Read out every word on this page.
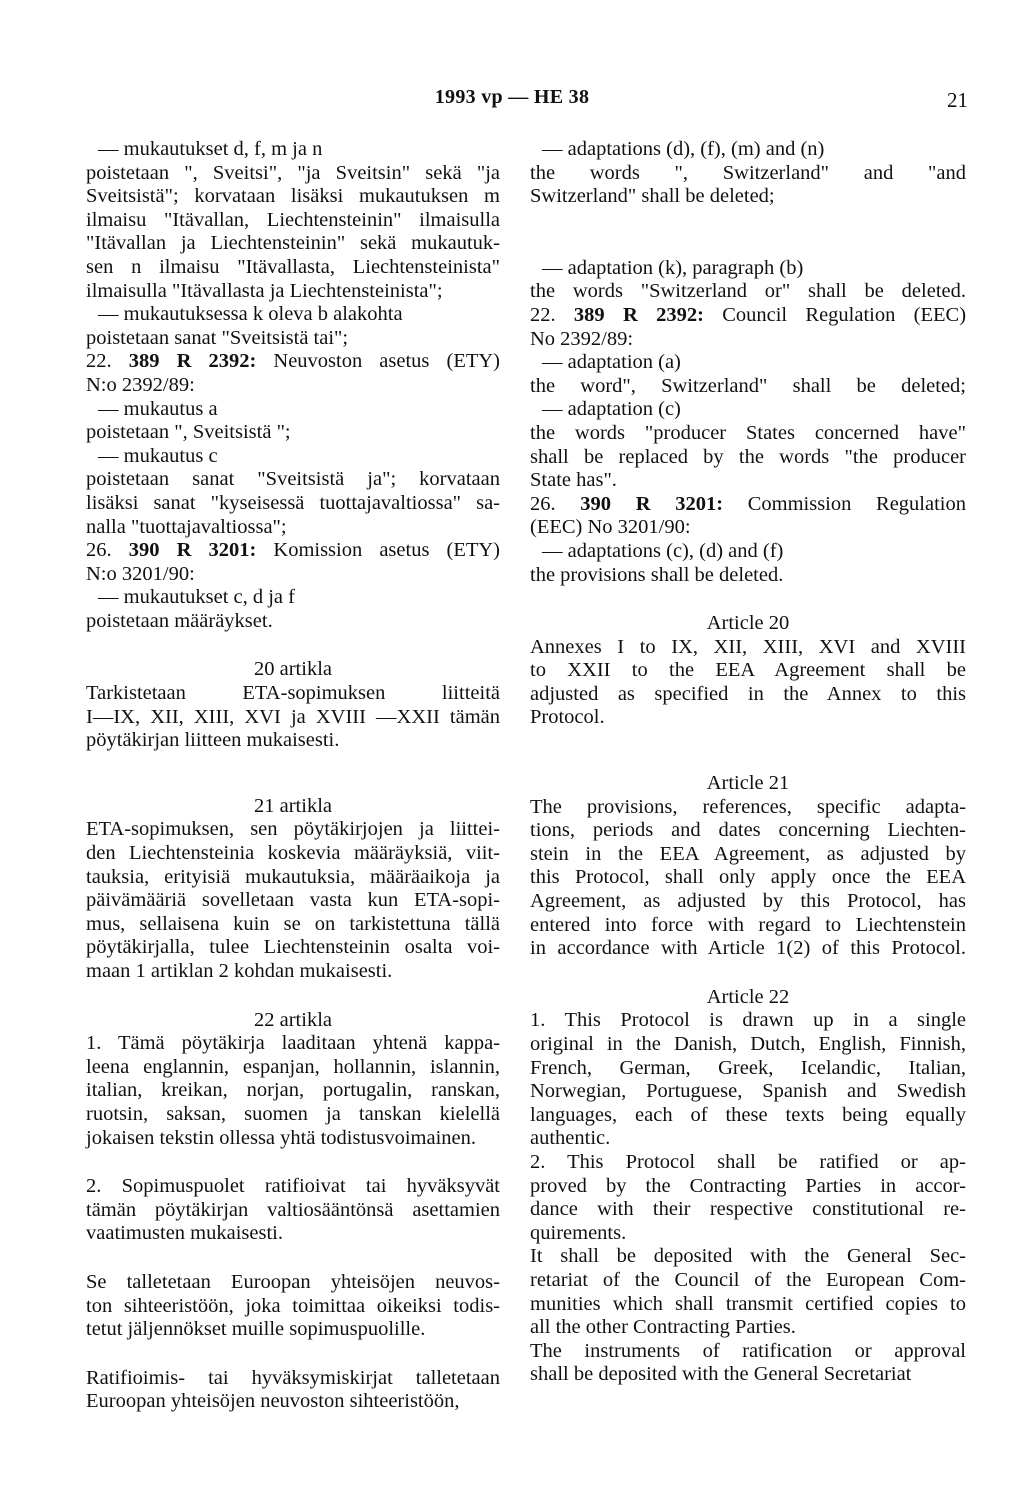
1993 vp — HE 38	21
— mukautukset d, f, m ja n
poistetaan ", Sveitsi", "ja Sveitsin" sekä "ja
Sveitsistä"; korvataan lisäksi mukautuksen m
ilmaisu "Itävallan, Liechtensteinin" ilmaisulla
"Itävallan ja Liechtensteinin" sekä mukautuk-
sen n ilmaisu "Itävallasta, Liechtensteinista"
ilmaisulla "Itävallasta ja Liechtensteinista";
— mukautuksessa k oleva b alakohta
poistetaan sanat "Sveitsistä tai";
22. 389 R 2392: Neuvoston asetus (ETY)
N:o 2392/89:
— mukautus a
poistetaan ", Sveitsistä ";
— mukautus c
poistetaan sanat "Sveitsistä ja"; korvataan
lisäksi sanat "kyseisessä tuottajavaltiossa" sa-
nalla "tuottajavaltiossa";
26. 390 R 3201: Komission asetus (ETY)
N:o 3201/90:
— mukautukset c, d ja f
poistetaan määräykset.
20 artikla
Tarkistetaan ETA-sopimuksen liitteitä
I—IX, XII, XIII, XVI ja XVIII —XXII tämän
pöytäkirjan liitteen mukaisesti.
21 artikla
ETA-sopimuksen, sen pöytäkirjojen ja liittei-
den Liechtensteinia koskevia määräyksiä, viit-
tauksia, erityisiä mukautuksia, määräaikoja ja
päivämääriä sovelletaan vasta kun ETA-sopi-
mus, sellaisena kuin se on tarkistettuna tällä
pöytäkirjalla, tulee Liechtensteinin osalta voi-
maan 1 artiklan 2 kohdan mukaisesti.
22 artikla
1. Tämä pöytäkirja laaditaan yhtenä kappa-
leena englannin, espanjan, hollannin, islannin,
italian, kreikan, norjan, portugalin, ranskan,
ruotsin, saksan, suomen ja tanskan kielellä
jokaisen tekstin ollessa yhtä todistusvoimainen.
2. Sopimuspuolet ratifioivat tai hyväksyvät
tämän pöytäkirjan valtiosääntönsä asettamien
vaatimusten mukaisesti.
Se talletetaan Euroopan yhteisöjen neuvos-
ton sihteeristöön, joka toimittaa oikeiksi todis-
tetut jäljennökset muille sopimuspuolille.
Ratifioimis- tai hyväksymiskirjat talletetaan
Euroopan yhteisöjen neuvoston sihteeristöön,
— adaptations (d), (f), (m) and (n)
the words ", Switzerland" and "and
Switzerland" shall be deleted;
— adaptation (k), paragraph (b)
the words "Switzerland or" shall be deleted.
22. 389 R 2392: Council Regulation (EEC)
No 2392/89:
— adaptation (a)
the word", Switzerland" shall be deleted;
— adaptation (c)
the words "producer States concerned have"
shall be replaced by the words "the producer
State has".
26. 390 R 3201: Commission Regulation
(EEC) No 3201/90:
— adaptations (c), (d) and (f)
the provisions shall be deleted.
Article 20
Annexes I to IX, XII, XIII, XVI and XVIII
to XXII to the EEA Agreement shall be
adjusted as specified in the Annex to this
Protocol.
Article 21
The provisions, references, specific adapta-
tions, periods and dates concerning Liechten-
stein in the EEA Agreement, as adjusted by
this Protocol, shall only apply once the EEA
Agreement, as adjusted by this Protocol, has
entered into force with regard to Liechtenstein
in accordance with Article 1(2) of this Protocol.
Article 22
1. This Protocol is drawn up in a single
original in the Danish, Dutch, English, Finnish,
French, German, Greek, Icelandic, Italian,
Norwegian, Portuguese, Spanish and Swedish
languages, each of these texts being equally
authentic.
2. This Protocol shall be ratified or ap-
proved by the Contracting Parties in accor-
dance with their respective constitutional re-
quirements.
It shall be deposited with the General Sec-
retariat of the Council of the European Com-
munities which shall transmit certified copies to
all the other Contracting Parties.
The instruments of ratification or approval
shall be deposited with the General Secretariat
